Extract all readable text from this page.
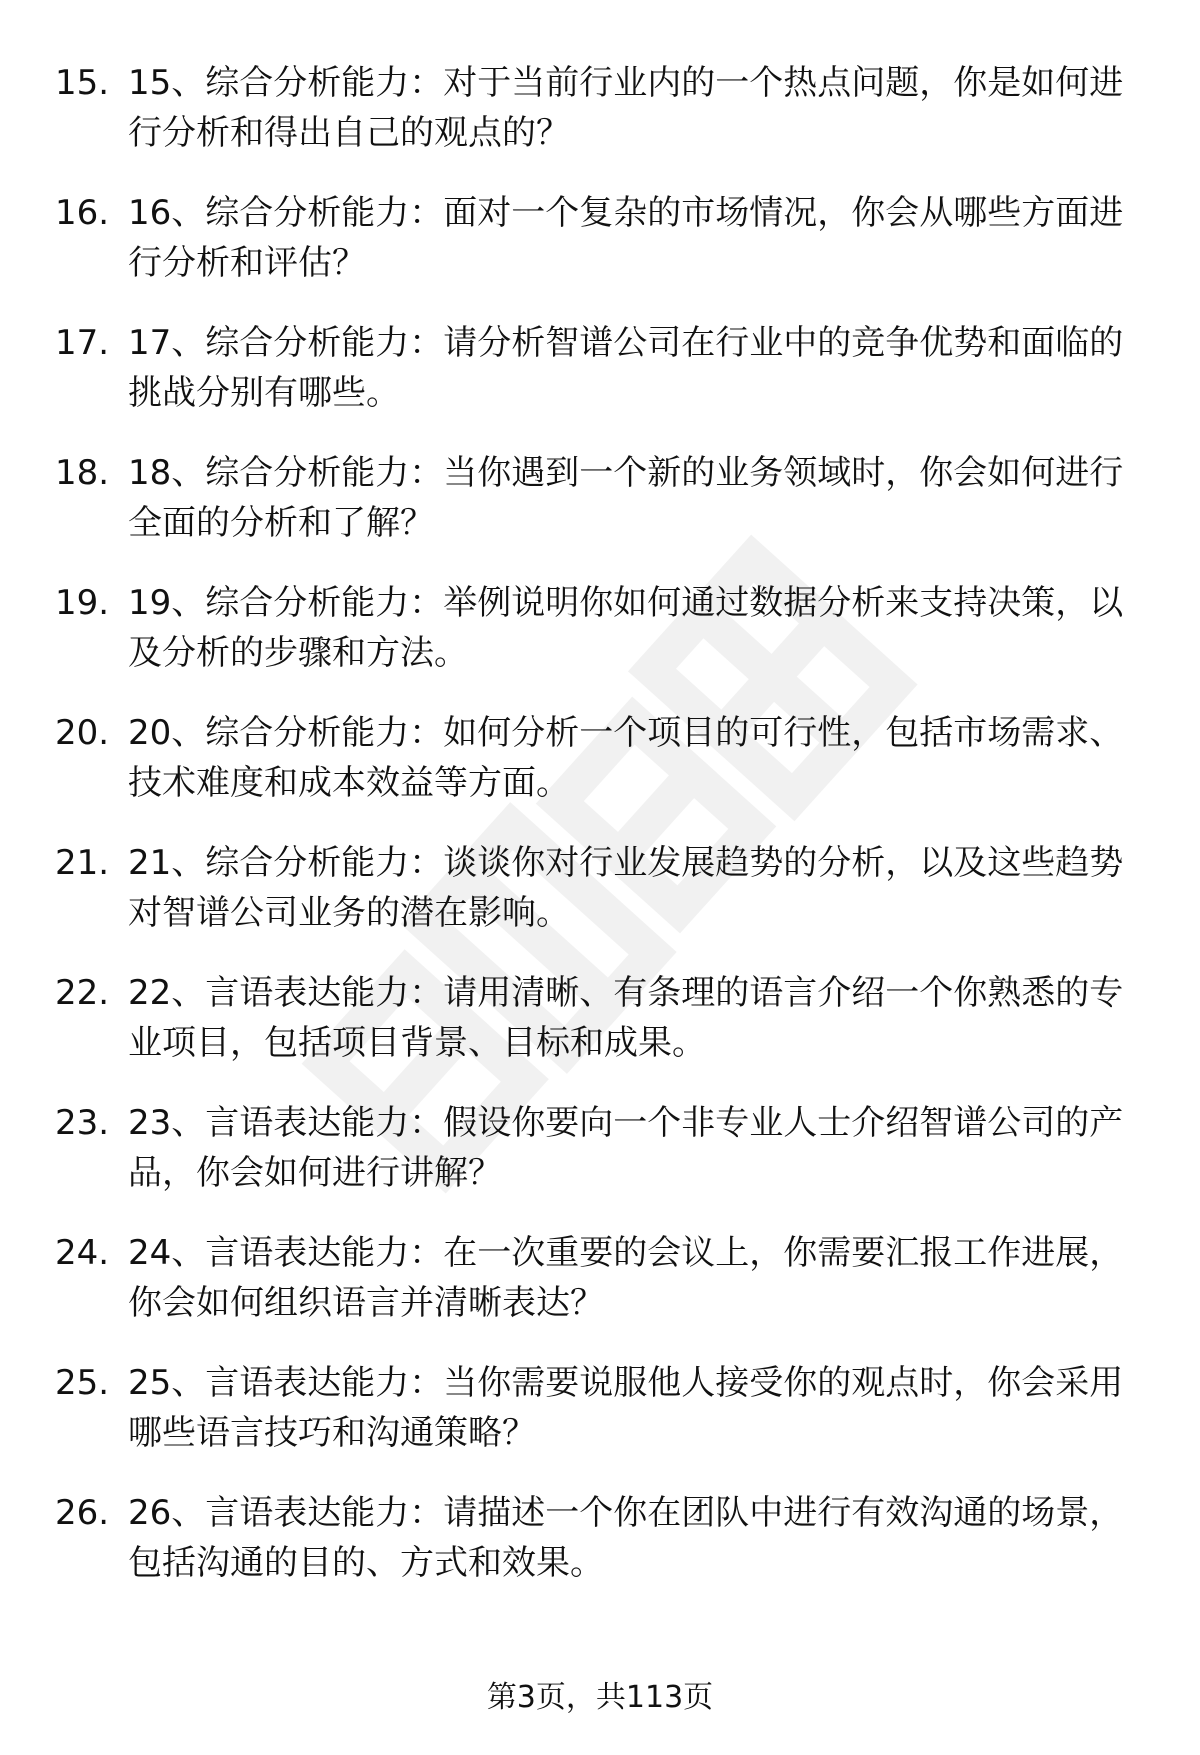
15. 15、综合分析能力：对于当前行业内的一个热点问题，你是如何进行分析和得出自己的观点的？
16. 16、综合分析能力：面对一个复杂的市场情况，你会从哪些方面进行分析和评估？
17. 17、综合分析能力：请分析智谱公司在行业中的竞争优势和面临的挑战分别有哪些。
18. 18、综合分析能力：当你遇到一个新的业务领域时，你会如何进行全面的分析和了解？
19. 19、综合分析能力：举例说明你如何通过数据分析来支持决策，以及分析的步骤和方法。
20. 20、综合分析能力：如何分析一个项目的可行性，包括市场需求、技术难度和成本效益等方面。
21. 21、综合分析能力：谈谈你对行业发展趋势的分析，以及这些趋势对智谱公司业务的潜在影响。
22. 22、言语表达能力：请用清晰、有条理的语言介绍一个你熟悉的专业项目，包括项目背景、目标和成果。
23. 23、言语表达能力：假设你要向一个非专业人士介绍智谱公司的产品，你会如何进行讲解？
24. 24、言语表达能力：在一次重要的会议上，你需要汇报工作进展，你会如何组织语言并清晰表达？
25. 25、言语表达能力：当你需要说服他人接受你的观点时，你会采用哪些语言技巧和沟通策略？
26. 26、言语表达能力：请描述一个你在团队中进行有效沟通的场景，包括沟通的目的、方式和效果。
第3页，共113页
